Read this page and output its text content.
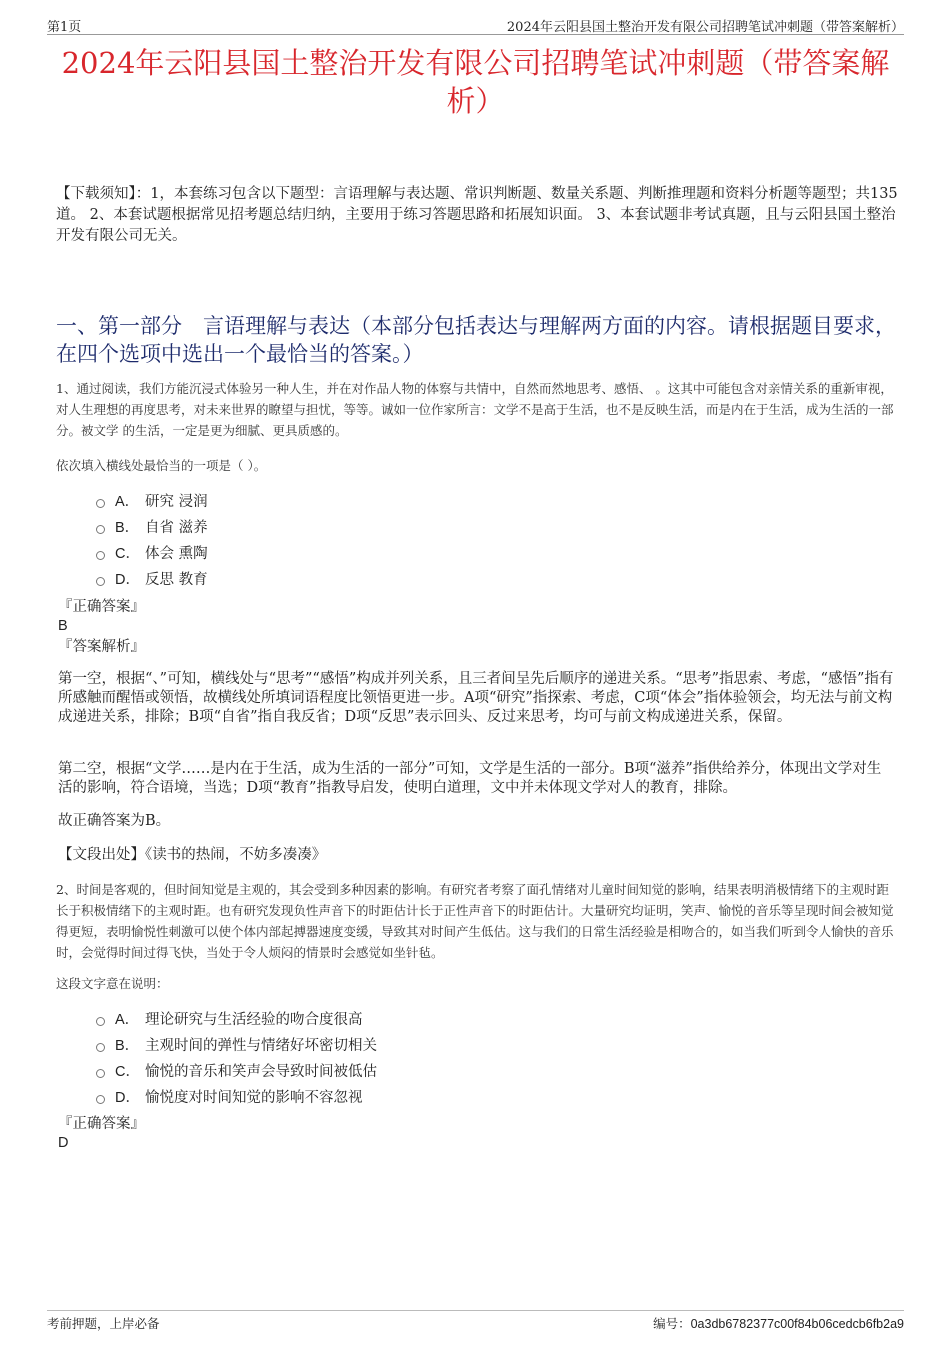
第1页	2024年云阳县国土整治开发有限公司招聘笔试冲刺题（带答案解析）
2024年云阳县国土整治开发有限公司招聘笔试冲刺题（带答案解析）
【下载须知】：1，本套练习包含以下题型：言语理解与表达题、常识判断题、数量关系题、判断推理题和资料分析题等题型；共135道。 2、本套试题根据常见招考题总结归纳，主要用于练习答题思路和拓展知识面。 3、本套试题非考试真题，且与云阳县国土整治开发有限公司无关。
一、第一部分　言语理解与表达（本部分包括表达与理解两方面的内容。请根据题目要求，在四个选项中选出一个最恰当的答案。）
1、通过阅读，我们方能沉浸式体验另一种人生，并在对作品人物的体察与共情中，自然而然地思考、感悟、 。这其中可能包含对亲情关系的重新审视，对人生理想的再度思考，对未来世界的瞭望与担忧，等等。诚如一位作家所言：文学不是高于生活，也不是反映生活，而是内在于生活，成为生活的一部分。被文学 的生活，一定是更为细腻、更具质感的。
依次填入横线处最恰当的一项是（ ）。
A． 研究 浸润
B． 自省 滋养
C． 体会 熏陶
D． 反思 教育
『正确答案』
B
『答案解析』
第一空，根据“、”可知，横线处与“思考”“感悟”构成并列关系，且三者间呈先后顺序的递进关系。“思考”指思索、考虑，“感悟”指有所感触而醒悟或领悟，故横线处所填词语程度比领悟更进一步。A项“研究”指探索、考虑，C项“体会”指体验领会，均无法与前文构成递进关系，排除；B项“自省”指自我反省；D项“反思”表示回头、反过来思考，均可与前文构成递进关系，保留。
第二空，根据“文学……是内在于生活，成为生活的一部分”可知，文学是生活的一部分。B项“滋养”指供给养分，体现出文学对生活的影响，符合语境，当选；D项“教育”指教导启发，使明白道理，文中并未体现文学对人的教育，排除。
故正确答案为B。
【文段出处】《读书的热闹，不妨多凑凑》
2、时间是客观的，但时间知觉是主观的，其会受到多种因素的影响。有研究者考察了面孔情绪对儿童时间知觉的影响，结果表明消极情绪下的主观时距长于积极情绪下的主观时距。也有研究发现负性声音下的时距估计长于正性声音下的时距估计。大量研究均证明，笑声、愉悦的音乐等呈现时间会被知觉得更短，表明愉悦性刺激可以使个体内部起搏器速度变缓，导致其对时间产生低估。这与我们的日常生活经验是相吻合的，如当我们听到令人愉快的音乐时，会觉得时间过得飞快，当处于令人烦闷的情景时会感觉如坐针毡。
这段文字意在说明：
A． 理论研究与生活经验的吻合度很高
B． 主观时间的弹性与情绪好坏密切相关
C． 愉悦的音乐和笑声会导致时间被低估
D． 愉悦度对时间知觉的影响不容忽视
『正确答案』
D
考前押题，上岸必备	编号：0a3db6782377c00f84b06cedcb6fb2a9
